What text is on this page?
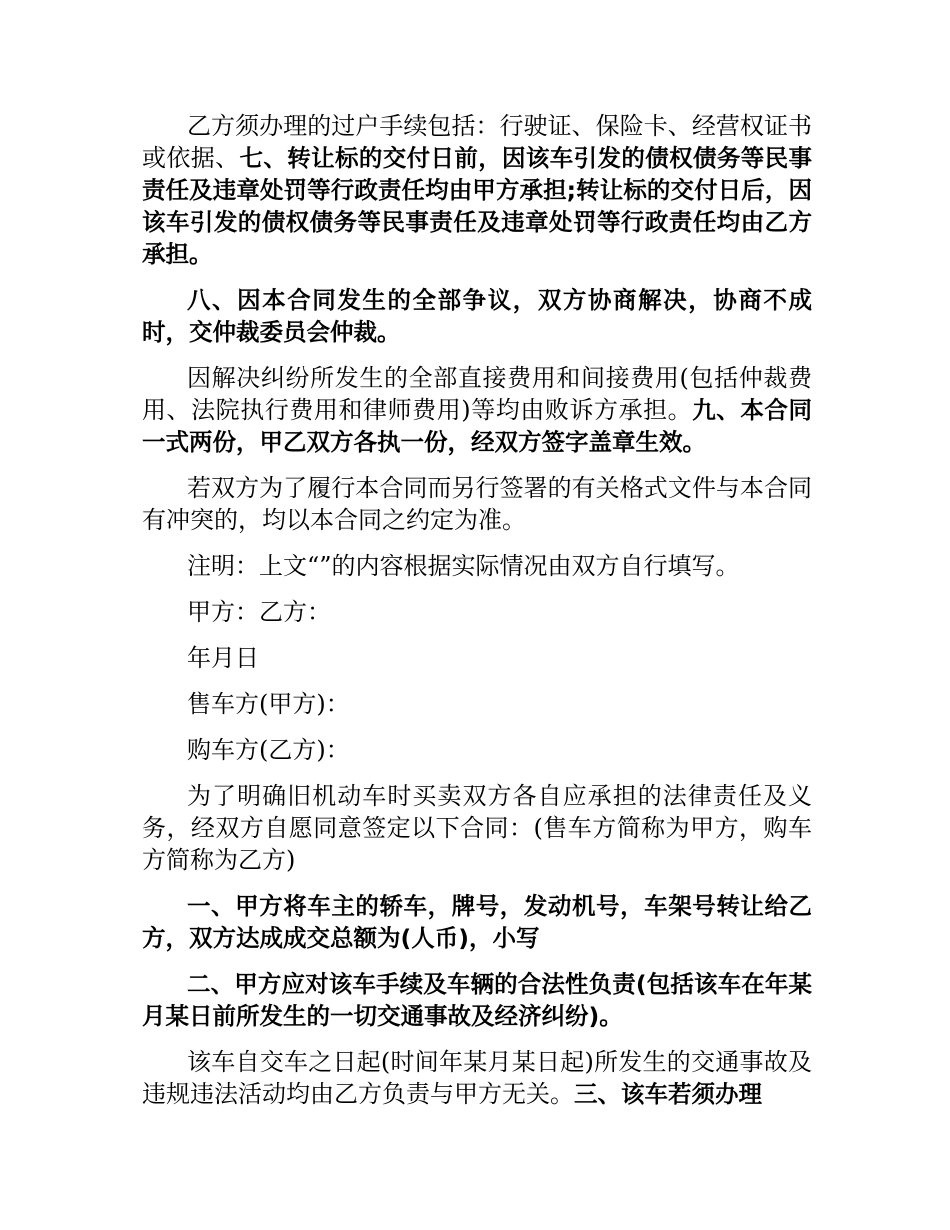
乙方须办理的过户手续包括：行驶证、保险卡、经营权证书或依据、七、转让标的交付日前，因该车引发的债权债务等民事责任及违章处罚等行政责任均由甲方承担;转让标的交付日后，因该车引发的债权债务等民事责任及违章处罚等行政责任均由乙方承担。

八、因本合同发生的全部争议，双方协商解决，协商不成时，交仲裁委员会仲裁。

因解决纠纷所发生的全部直接费用和间接费用(包括仲裁费用、法院执行费用和律师费用)等均由败诉方承担。九、本合同一式两份，甲乙双方各执一份，经双方签字盖章生效。

若双方为了履行本合同而另行签署的有关格式文件与本合同有冲突的，均以本合同之约定为准。

注明：上文“”的内容根据实际情况由双方自行填写。

甲方：乙方：

年月日

售车方(甲方)：

购车方(乙方)：

为了明确旧机动车时买卖双方各自应承担的法律责任及义务，经双方自愿同意签定以下合同：(售车方简称为甲方，购车方简称为乙方)

一、甲方将车主的轿车，牌号，发动机号，车架号转让给乙方，双方达成成交总额为(人币)，小写

二、甲方应对该车手续及车辆的合法性负责(包括该车在年某月某日前所发生的一切交通事故及经济纠纷)。

该车自交车之日起(时间年某月某日起)所发生的交通事故及违规违法活动均由乙方负责与甲方无关。三、该车若须办理
